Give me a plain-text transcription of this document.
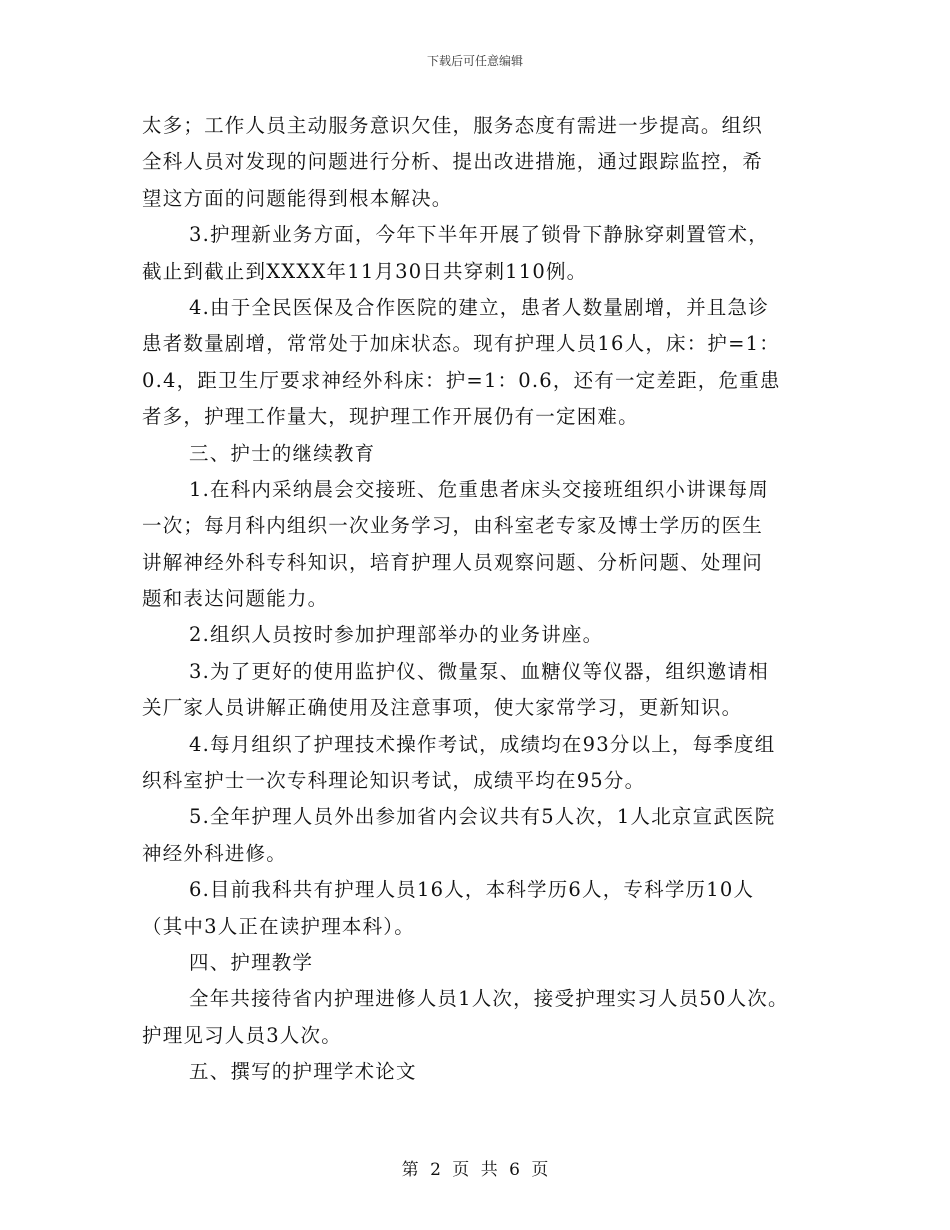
下载后可任意编辑
太多；工作人员主动服务意识欠佳，服务态度有需进一步提高。组织
全科人员对发现的问题进行分析、提出改进措施，通过跟踪监控，希
望这方面的问题能得到根本解决。
3.护理新业务方面，今年下半年开展了锁骨下静脉穿刺置管术，
截止到截止到XXXX年11月30日共穿刺110例。
4.由于全民医保及合作医院的建立，患者人数量剧增，并且急诊
患者数量剧增，常常处于加床状态。现有护理人员16人，床：护=1：
0.4，距卫生厅要求神经外科床：护=1：0.6，还有一定差距，危重患
者多，护理工作量大，现护理工作开展仍有一定困难。
三、护士的继续教育
1.在科内采纳晨会交接班、危重患者床头交接班组织小讲课每周
一次；每月科内组织一次业务学习，由科室老专家及博士学历的医生
讲解神经外科专科知识，培育护理人员观察问题、分析问题、处理问
题和表达问题能力。
2.组织人员按时参加护理部举办的业务讲座。
3.为了更好的使用监护仪、微量泵、血糖仪等仪器，组织邀请相
关厂家人员讲解正确使用及注意事项，使大家常学习，更新知识。
4.每月组织了护理技术操作考试，成绩均在93分以上，每季度组
织科室护士一次专科理论知识考试，成绩平均在95分。
5.全年护理人员外出参加省内会议共有5人次，1人北京宣武医院
神经外科进修。
6.目前我科共有护理人员16人，本科学历6人，专科学历10人
（其中3人正在读护理本科）。
四、护理教学
全年共接待省内护理进修人员1人次，接受护理实习人员50人次。
护理见习人员3人次。
五、撰写的护理学术论文
第 2 页 共 6 页
